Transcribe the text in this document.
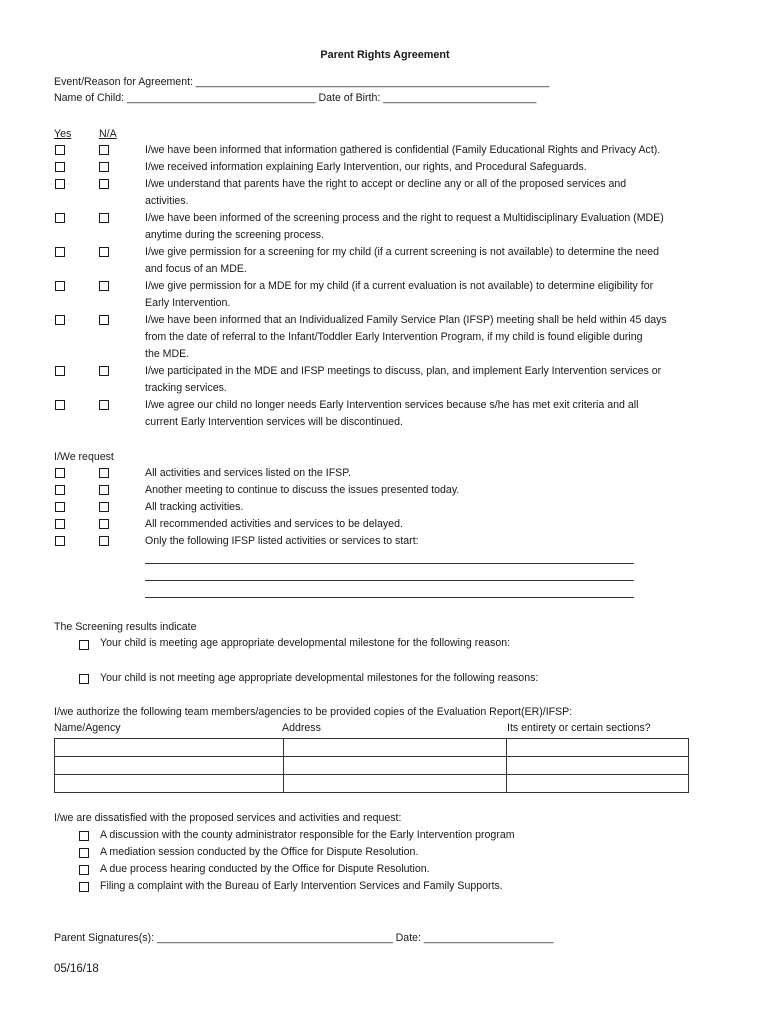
Parent Rights Agreement
Event/Reason for Agreement: ____________________________________________________________
Name of Child: ________________________________ Date of Birth: __________________________
Yes	N/A
I/we have been informed that information gathered is confidential (Family Educational Rights and Privacy Act).
I/we received information explaining Early Intervention, our rights, and Procedural Safeguards.
I/we understand that parents have the right to accept or decline any or all of the proposed services and
activities.
I/we have been informed of the screening process and the right to request a Multidisciplinary Evaluation (MDE)
anytime during the screening process.
I/we give permission for a screening for my child (if a current screening is not available) to determine the need
and focus of an MDE.
I/we give permission for a MDE for my child (if a current evaluation is not available) to determine eligibility for
Early Intervention.
I/we have been informed that an Individualized Family Service Plan (IFSP) meeting shall be held within 45 days
from the date of referral to the Infant/Toddler Early Intervention Program, if my child is found eligible during
the MDE.
I/we participated in the MDE and IFSP meetings to discuss, plan, and implement Early Intervention services or
tracking services.
I/we agree our child no longer needs Early Intervention services because s/he has met exit criteria and all
current Early Intervention services will be discontinued.
I/We request
All activities and services listed on the IFSP.
Another meeting to continue to discuss the issues presented today.
All tracking activities.
All recommended activities and services to be delayed.
Only the following IFSP listed activities or services to start:
The Screening results indicate
Your child is meeting age appropriate developmental milestone for the following reason:
Your child is not meeting age appropriate developmental milestones for the following reasons:
I/we authorize the following team members/agencies to be provided copies of the Evaluation Report(ER)/IFSP:
Name/Agency	Address	Its entirety or certain sections?

I/we are dissatisfied with the proposed services and activities and request:
A discussion with the county administrator responsible for the Early Intervention program
A mediation session conducted by the Office for Dispute Resolution.
A due process hearing conducted by the Office for Dispute Resolution.
Filing a complaint with the Bureau of Early Intervention Services and Family Supports.
Parent Signatures(s): ________________________________________ Date: ______________________
05/16/18
